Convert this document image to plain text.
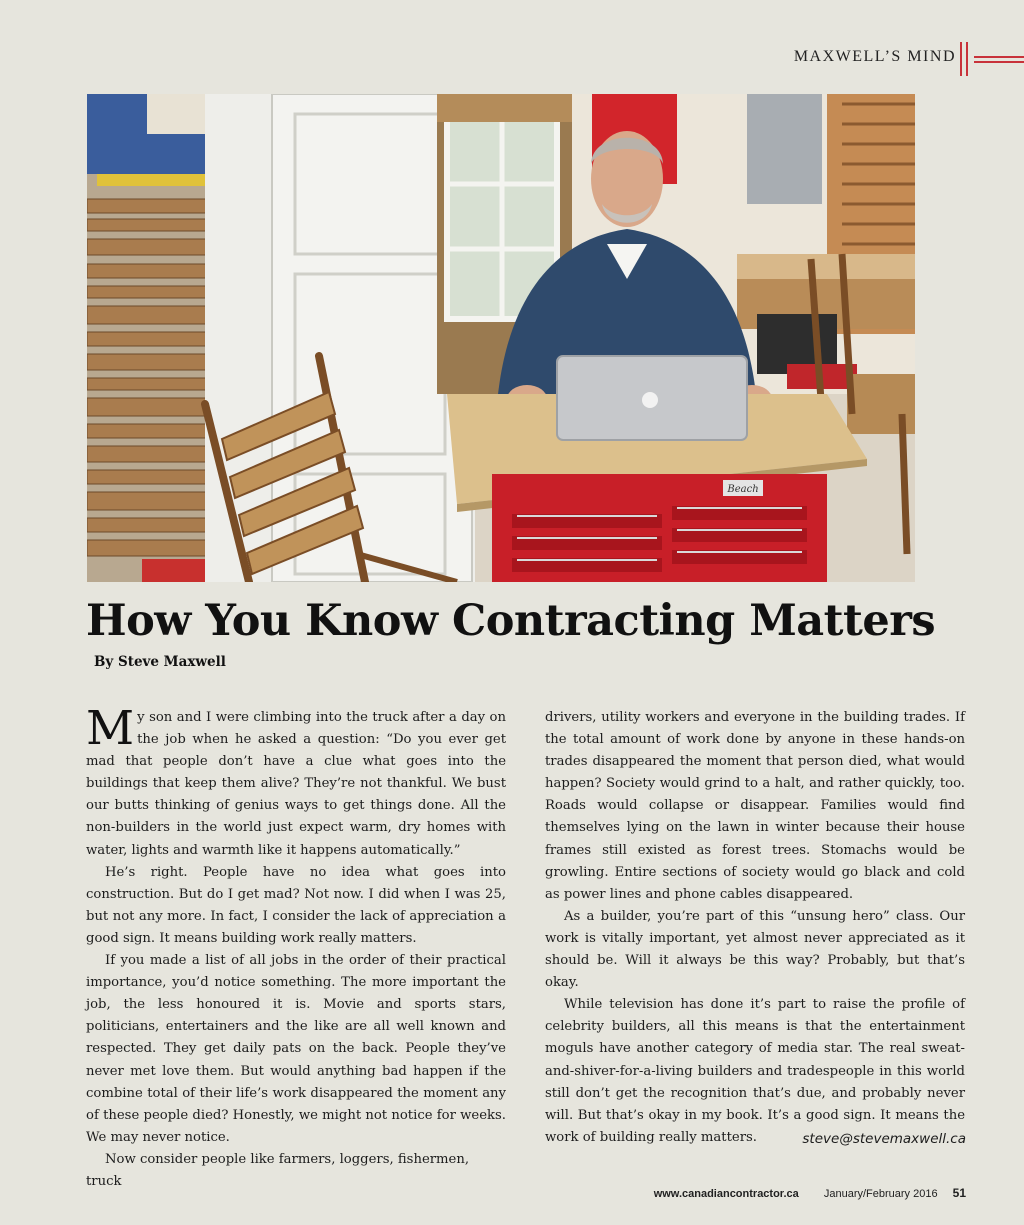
MAXWELL’S MIND
Beach
How You Know Contracting Matters
By Steve Maxwell

My son and I were climbing into the truck after a day on the job when he asked a question: “Do you ever get mad that people don’t have a clue what goes into the buildings that keep them alive? They’re not thankful. We bust our butts thinking of genius ways to get things done. All the non-builders in the world just expect warm, dry homes with water, lights and warmth like it happens automatically.”

He’s right. People have no idea what goes into construction. But do I get mad? Not now. I did when I was 25, but not any more. In fact, I consider the lack of appreciation a good sign. It means building work really matters.

If you made a list of all jobs in the order of their practical importance, you’d notice something. The more important the job, the less honoured it is. Movie and sports stars, politicians, entertainers and the like are all well known and respected. They get daily pats on the back. People they’ve never met love them. But would anything bad happen if the combine total of their life’s work disappeared the moment any of these people died? Honestly, we might not notice for weeks. We may never notice.

Now consider people like farmers, loggers, fishermen, truck

drivers, utility workers and everyone in the building trades. If the total amount of work done by anyone in these hands-on trades disappeared the moment that person died, what would happen? Society would grind to a halt, and rather quickly, too. Roads would collapse or disappear. Families would find themselves lying on the lawn in winter because their house frames still existed as forest trees. Stomachs would be growling. Entire sections of society would go black and cold as power lines and phone cables disappeared.

As a builder, you’re part of this “unsung hero” class. Our work is vitally important, yet almost never appreciated as it should be. Will it always be this way? Probably, but that’s okay.

While television has done it’s part to raise the profile of celebrity builders, all this means is that the entertainment moguls have another category of media star. The real sweat-and-shiver-for-a-living builders and tradespeople in this world still don’t get the recognition that’s due, and probably never will. But that’s okay in my book. It’s a good sign. It means the work of building really matters.	steve@stevemaxwell.ca
www.canadiancontractor.ca January/February 2016 51
